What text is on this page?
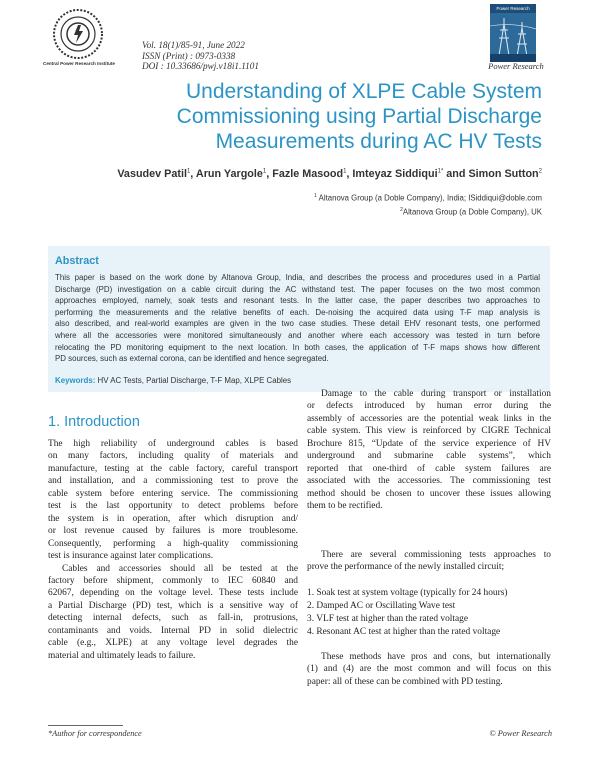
Central Power Research Institute
Vol. 18(1)/85-91, June 2022
ISSN (Print) : 0973-0338
DOI : 10.33686/pwj.v18i1.1101
Power Research
Power Research
Understanding of XLPE Cable System
Commissioning using Partial Discharge
Measurements during AC HV Tests
Vasudev Patil$^1$, Arun Yargole$^1$, Fazle Masood$^1$, Imteyaz Siddiqui$^{1*}$ and Simon Sutton$^2$
$^1$ Altanova Group (a Doble Company), India; ISiddiqui@doble.com
$^2$Altanova Group (a Doble Company), UK
Abstract
This paper is based on the work done by Altanova Group, India, and describes the process and procedures used in a Partial
Discharge (PD) investigation on a cable circuit during the AC withstand test. The paper focuses on the two most common
approaches employed, namely, soak tests and resonant tests. In the latter case, the paper describes two approaches to
performing the measurements and the relative benefits of each. De-noising the acquired data using T-F map analysis is
also described, and real-world examples are given in the two case studies. These detail EHV resonant tests, one performed
where all the accessories were monitored simultaneously and another where each accessory was tested in turn before
relocating the PD monitoring equipment to the next location. In both cases, the application of T-F maps shows how different
PD sources, such as external corona, can be identified and hence segregated.
Keywords: HV AC Tests, Partial Discharge, T-F Map, XLPE Cables
1. Introduction
The high reliability of underground cables is based
on many factors, including quality of materials and
manufacture, testing at the cable factory, careful transport
and installation, and a commissioning test to prove the
cable system before entering service. The commissioning
test is the last opportunity to detect problems before
the system is in operation, after which disruption and/
or lost revenue caused by failures is more troublesome.
Consequently, performing a high-quality commissioning
test is insurance against later complications.
Cables and accessories should all be tested at the
factory before shipment, commonly to IEC 60840 and
62067, depending on the voltage level. These tests include
a Partial Discharge (PD) test, which is a sensitive way of
detecting internal defects, such as fall-in, protrusions,
contaminants and voids. Internal PD in solid dielectric
cable (e.g., XLPE) at any voltage level degrades the
material and ultimately leads to failure.
Damage to the cable during transport or installation
or defects introduced by human error during the
assembly of accessories are the potential weak links in the
cable system. This view is reinforced by CIGRE Technical
Brochure 815, “Update of the service experience of HV
underground and submarine cable systems”, which
reported that one-third of cable system failures are
associated with the accessories. The commissioning test
method should be chosen to uncover these issues allowing
them to be rectified.
There are several commissioning tests approaches to
prove the performance of the newly installed circuit;
1. Soak test at system voltage (typically for 24 hours)
2. Damped AC or Oscillating Wave test
3. VLF test at higher than the rated voltage
4. Resonant AC test at higher than the rated voltage
These methods have pros and cons, but internationally
(1) and (4) are the most common and will focus on this
paper: all of these can be combined with PD testing.
*Author for correspondence	© Power Research
